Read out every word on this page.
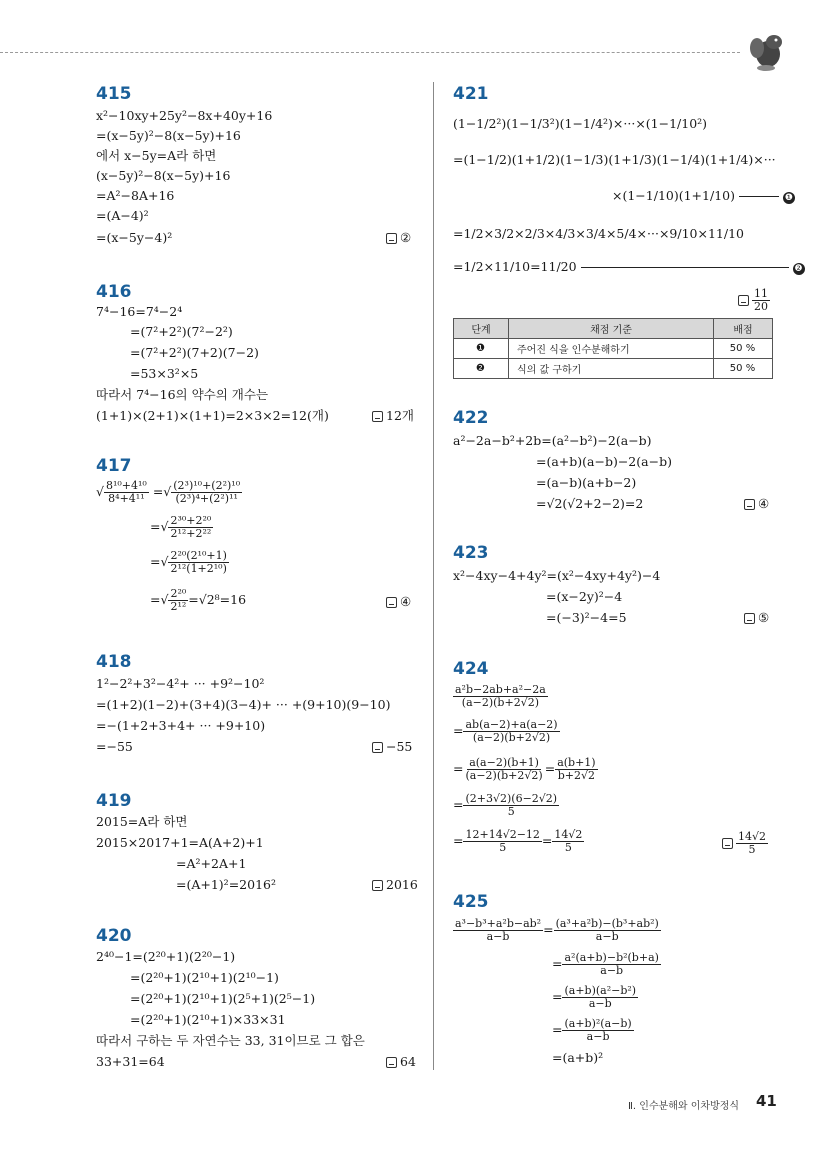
415
x²−10xy+25y²−8x+40y+16
=(x−5y)²−8(x−5y)+16
에서 x−5y=A라 하면
(x−5y)²−8(x−5y)+16
=A²−8A+16
=(A−4)²
=(x−5y−4)²	②
416
7⁴−16=7⁴−2⁴
=(7²+2²)(7²−2²)
=(7²+2²)(7+2)(7−2)
=53×3²×5
따라서 7⁴−16의 약수의 개수는
(1+1)×(2+1)×(1+1)=2×3×2=12(개)	12개
417
√ $\frac{\text{8¹⁰+4¹⁰}}{\text{8⁴+4¹¹}}$ =√ $\frac{\text{(2³)¹⁰+(2²)¹⁰}}{\text{(2³)⁴+(2²)¹¹}}$
=√ $\frac{\text{2³⁰+2²⁰}}{\text{2¹²+2²²}}$
=√ $\frac{\text{2²⁰(2¹⁰+1)}}{\text{2¹²(1+2¹⁰)}}$
=√ $\frac{\text{2²⁰}}{\text{2¹²}} =√2^8=16$	④
418
1²−2²+3²−4²+ ··· +9²−10²
=(1+2)(1−2)+(3+4)(3−4)+ ··· +(9+10)(9−10)
=−(1+2+3+4+ ··· +9+10)
=−55	−55
419
2015=A라 하면
2015×2017+1=A(A+2)+1
=A²+2A+1
=(A+1)²=2016²	2016
420
2⁴⁰−1=(2²⁰+1)(2²⁰−1)
=(2²⁰+1)(2¹⁰+1)(2¹⁰−1)
=(2²⁰+1)(2¹⁰+1)(2⁵+1)(2⁵−1)
=(2²⁰+1)(2¹⁰+1)×33×31
따라서 구하는 두 자연수는 33, 31이므로 그 합은
33+31=64	64
421
(1−1/2²)(1−1/3²)(1−1/4²)×···×(1−1/10²)
=(1−1/2)(1+1/2)(1−1/3)(1+1/3)(1−1/4)(1+1/4)×···
×(1−1/10)(1+1/10)	❶
=1/2×3/2×2/3×4/3×3/4×5/4×···×9/10×11/10
=1/2×11/10=11/20	❷
$\frac{11}{20}$
단계	채점 기준	배점
❶	주어진 식을 인수분해하기	50 %
❷	식의 값 구하기	50 %
422
a²−2a−b²+2b=(a²−b²)−2(a−b)
=(a+b)(a−b)−2(a−b)
=(a−b)(a+b−2)
=√2(√2+2−2)=2	④
423
x²−4xy−4+4y²=(x²−4xy+4y²)−4
=(x−2y)²−4
=(−3)²−4=5	⑤
424
$\frac{\text{a²b−2ab+a²−2a}}{(a-2)(b+2√2)}$
= $\frac{ab(a-2)+a(a-2)}{(a-2)(b+2√2)}$
= $\frac{a(a-2)(b+1)}{(a-2)(b+2√2)} = \frac{a(b+1)}{b+2√2}$
= $\frac{(2+3√2)(6-2√2)}{5}$
= $\frac{12+14√2-12}{5} = \frac{14√2}{5}$	$\frac{14√2}{5}$
425
$\frac{\text{a³−b³+a²b−ab²}}{a-b} = \frac{\text{(a³+a²b)−(b³+ab²)}}{a-b}$
= $\frac{\text{a²(a+b)−b²(b+a)}}{a-b}$
= $\frac{\text{(a+b)(a²−b²)}}{a-b}$
= $\frac{\text{(a+b)²(a−b)}}{a-b}$
=(a+b)²
Ⅱ. 인수분해와 이차방정식 41
